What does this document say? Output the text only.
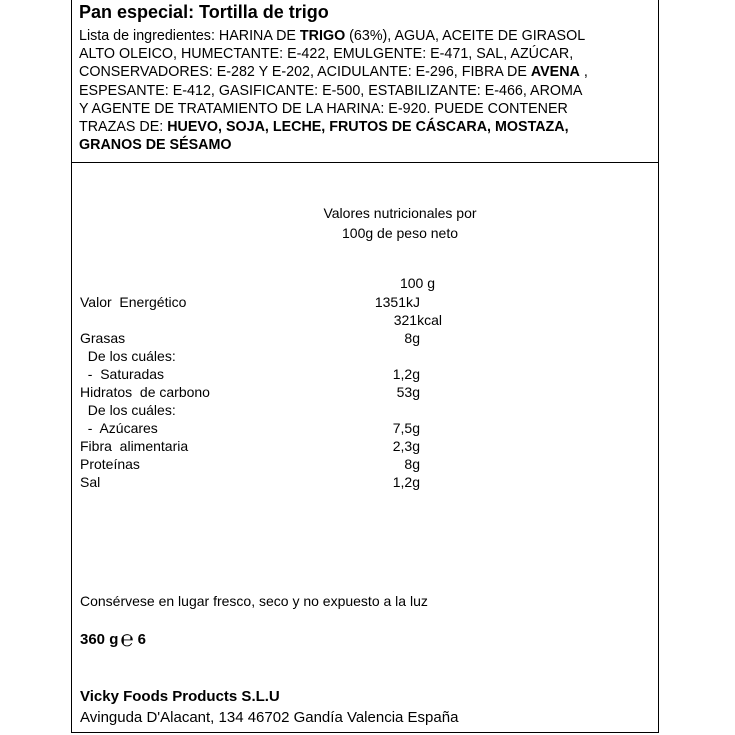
Pan especial: Tortilla de trigo
Lista de ingredientes: HARINA DE TRIGO (63%), AGUA, ACEITE DE GIRASOL
ALTO OLEICO, HUMECTANTE: E-422, EMULGENTE: E-471, SAL, AZÚCAR,
CONSERVADORES: E-282 Y E-202, ACIDULANTE: E-296, FIBRA DE AVENA ,
ESPESANTE: E-412, GASIFICANTE: E-500, ESTABILIZANTE: E-466, AROMA
Y AGENTE DE TRATAMIENTO DE LA HARINA: E-920. PUEDE CONTENER
TRAZAS DE: HUEVO, SOJA, LECHE, FRUTOS DE CÁSCARA, MOSTAZA,
GRANOS DE SÉSAMO
Valores nutricionales por
100g de peso neto
100 g
Valor  Energético	1351kJ
321kcal
Grasas	8g
De los cuáles:
-  Saturadas	1,2g
Hidratos  de carbono	53g
De los cuáles:
-  Azúcares	7,5g
Fibra  alimentaria	2,3g
Proteínas	8g
Sal	1,2g
Consérvese en lugar fresco, seco y no expuesto a la luz
360 g℮ 6
Vicky Foods Products S.L.U
Avinguda D'Alacant, 134 46702 Gandía Valencia España
